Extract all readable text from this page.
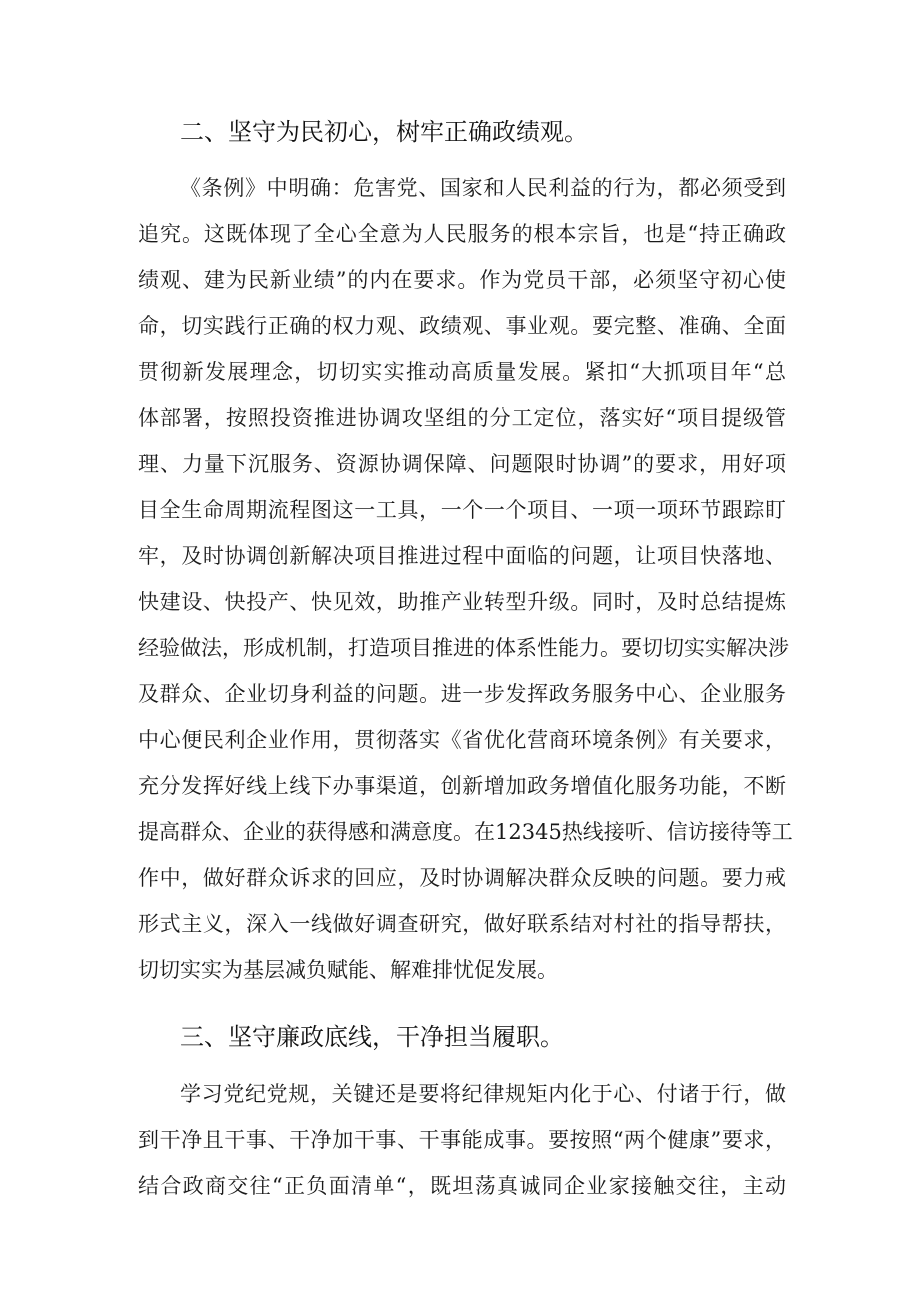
二、坚守为民初心，树牢正确政绩观。
《条例》中明确：危害党、国家和人民利益的行为，都必须受到
追究。这既体现了全心全意为人民服务的根本宗旨，也是“持正确政
绩观、建为民新业绩”的内在要求。作为党员干部，必须坚守初心使
命，切实践行正确的权力观、政绩观、事业观。要完整、准确、全面
贯彻新发展理念，切切实实推动高质量发展。紧扣“大抓项目年“总
体部署，按照投资推进协调攻坚组的分工定位，落实好“项目提级管
理、力量下沉服务、资源协调保障、问题限时协调”的要求，用好项
目全生命周期流程图这一工具，一个一个项目、一项一项环节跟踪盯
牢，及时协调创新解决项目推进过程中面临的问题，让项目快落地、
快建设、快投产、快见效，助推产业转型升级。同时，及时总结提炼
经验做法，形成机制，打造项目推进的体系性能力。要切切实实解决涉
及群众、企业切身利益的问题。进一步发挥政务服务中心、企业服务
中心便民利企业作用，贯彻落实《省优化营商环境条例》有关要求，
充分发挥好线上线下办事渠道，创新增加政务增值化服务功能，不断
提高群众、企业的获得感和满意度。在12345热线接听、信访接待等工
作中，做好群众诉求的回应，及时协调解决群众反映的问题。要力戒
形式主义，深入一线做好调查研究，做好联系结对村社的指导帮扶，
切切实实为基层减负赋能、解难排忧促发展。
三、坚守廉政底线，干净担当履职。
学习党纪党规，关键还是要将纪律规矩内化于心、付诸于行，做
到干净且干事、干净加干事、干事能成事。要按照“两个健康”要求，
结合政商交往“正负面清单“，既坦荡真诚同企业家接触交往，主动
